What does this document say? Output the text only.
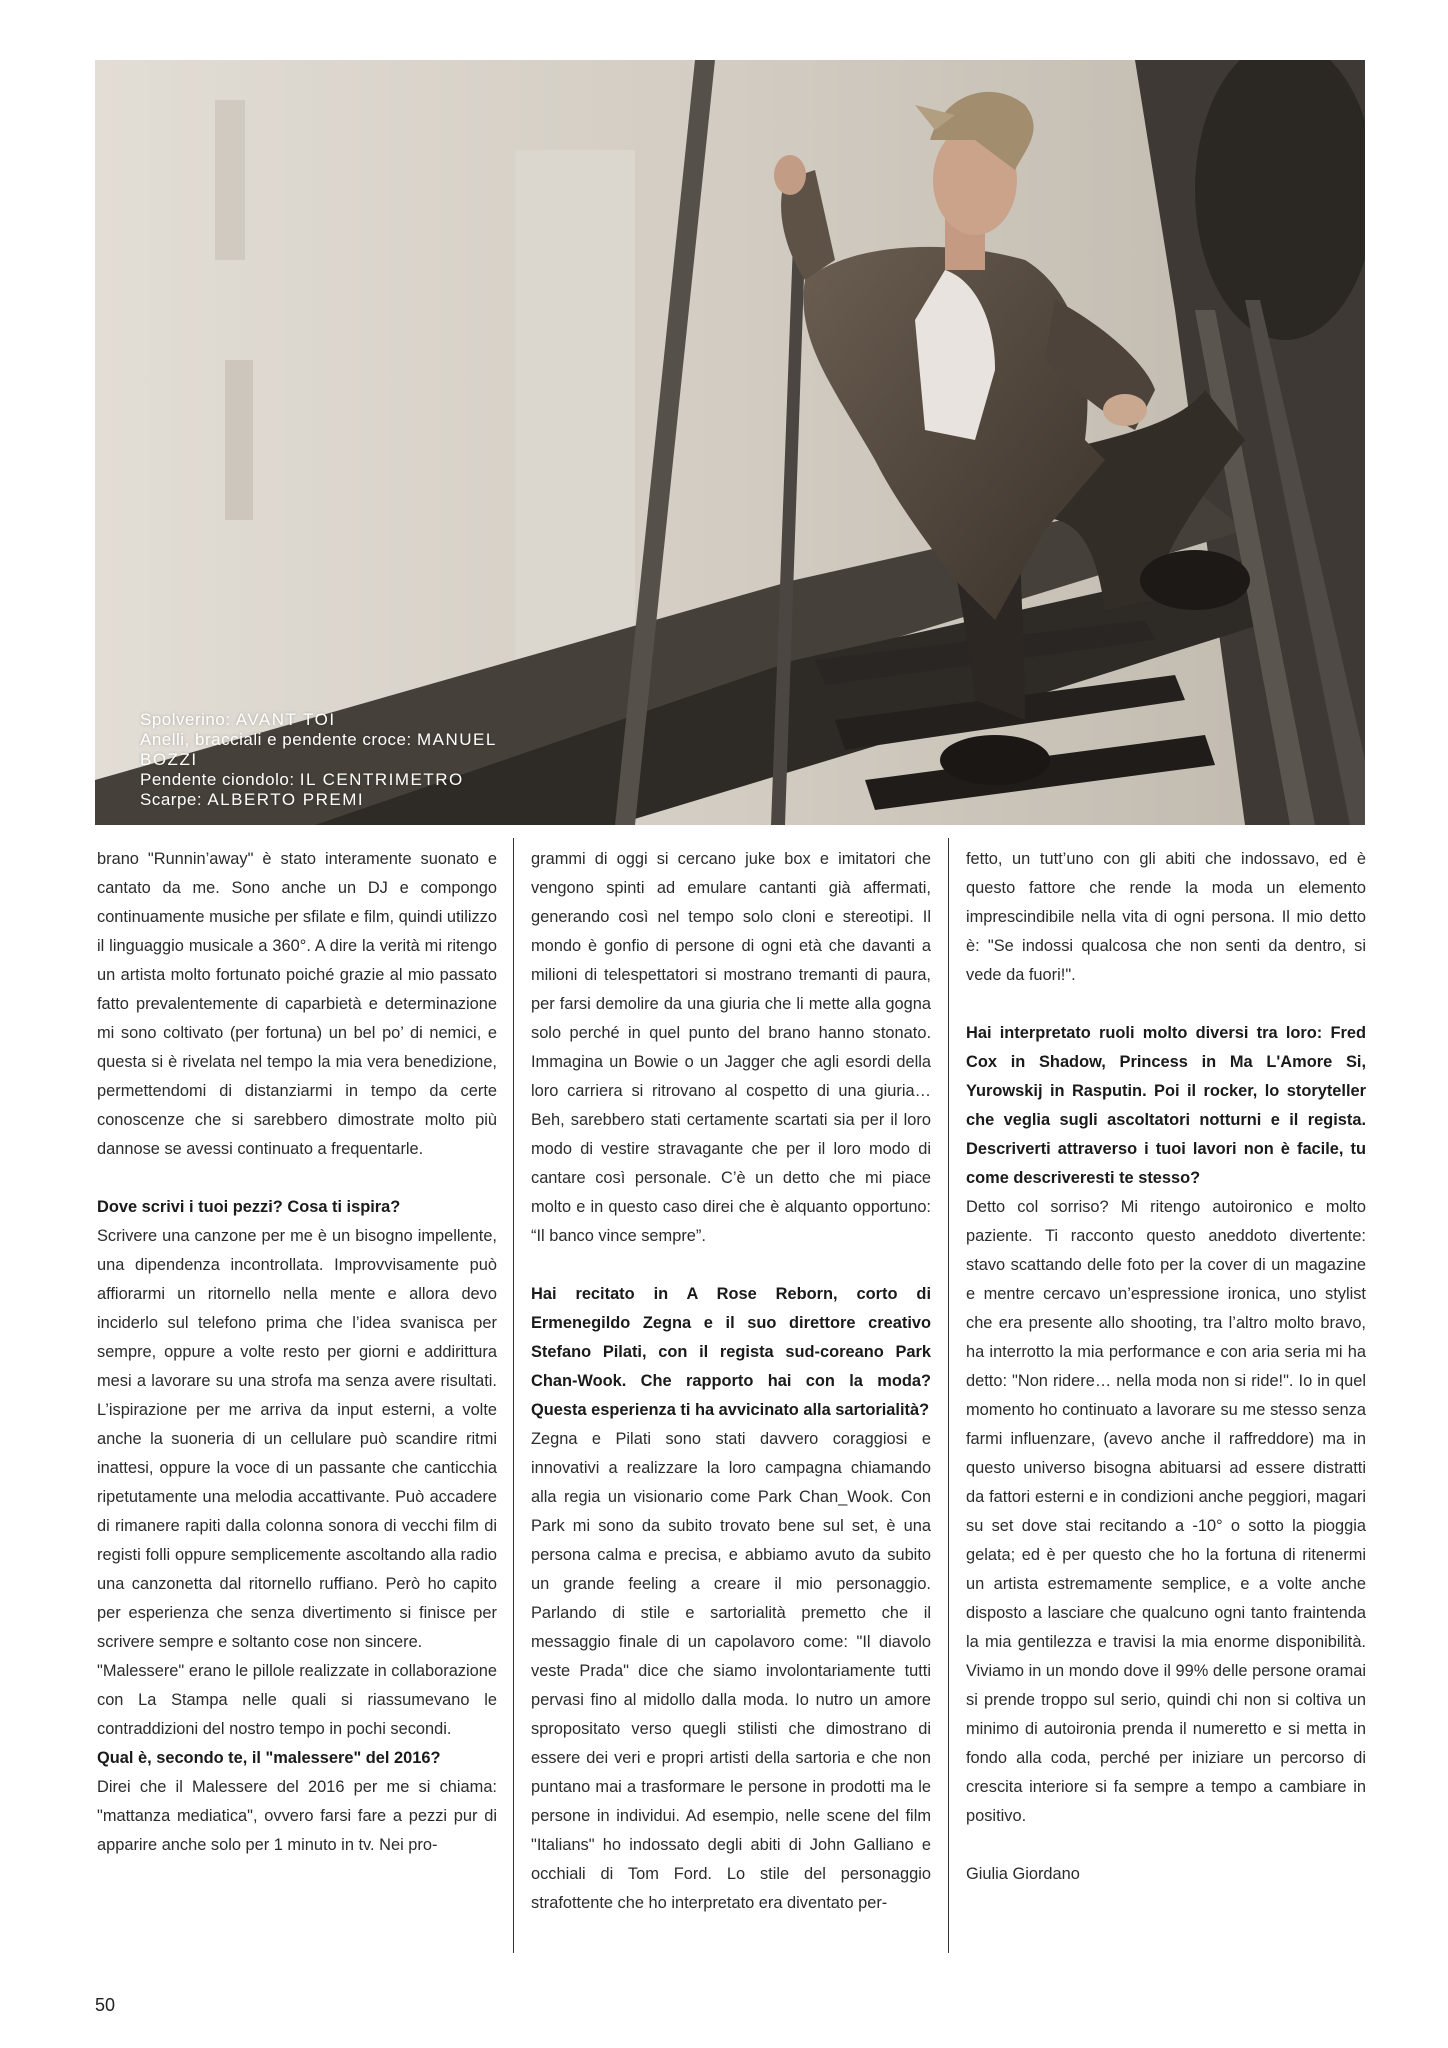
Spolverino: AVANT TOI
Anelli, bracciali e pendente croce: MANUEL BOZZI
Pendente ciondolo: IL CENTRIMETRO
Scarpe: ALBERTO PREMI

brano "Runnin’away" è stato interamente suonato e cantato da me. Sono anche un DJ e compongo continuamente musiche per sfilate e film, quindi utilizzo il linguaggio musicale a 360°. A dire la verità mi ritengo un artista molto fortunato poiché grazie al mio passato fatto prevalentemente di caparbietà e determinazione mi sono coltivato (per fortuna) un bel po’ di nemici, e questa si è rivelata nel tempo la mia vera benedizione, permettendomi di distanziarmi in tempo da certe conoscenze che si sarebbero dimostrate molto più dannose se avessi continuato a frequentarle.

Dove scrivi i tuoi pezzi? Cosa ti ispira?

Scrivere una canzone per me è un bisogno impellente, una dipendenza incontrollata. Improvvisamente può affiorarmi un ritornello nella mente e allora devo inciderlo sul telefono prima che l’idea svanisca per sempre, oppure a volte resto per giorni e addirittura mesi a lavorare su una strofa ma senza avere risultati. L’ispirazione per me arriva da input esterni, a volte anche la suoneria di un cellulare può scandire ritmi inattesi, oppure la voce di un passante che canticchia ripetutamente una melodia accattivante. Può accadere di rimanere rapiti dalla colonna sonora di vecchi film di registi folli oppure semplicemente ascoltando alla radio una canzonetta dal ritornello ruffiano. Però ho capito per esperienza che senza divertimento si finisce per scrivere sempre e soltanto cose non sincere.

"Malessere" erano le pillole realizzate in collaborazione con La Stampa nelle quali si riassumevano le contraddizioni del nostro tempo in pochi secondi.

Qual è, secondo te, il "malessere" del 2016?

Direi che il Malessere del 2016 per me si chiama: "mattanza mediatica", ovvero farsi fare a pezzi pur di apparire anche solo per 1 minuto in tv. Nei pro-

grammi di oggi si cercano juke box e imitatori che vengono spinti ad emulare cantanti già affermati, generando così nel tempo solo cloni e stereotipi. Il mondo è gonfio di persone di ogni età che davanti a milioni di telespettatori si mostrano tremanti di paura, per farsi demolire da una giuria che li mette alla gogna solo perché in quel punto del brano hanno stonato. Immagina un Bowie o un Jagger che agli esordi della loro carriera si ritrovano al cospetto di una giuria… Beh, sarebbero stati certamente scartati sia per il loro modo di vestire stravagante che per il loro modo di cantare così personale. C’è un detto che mi piace molto e in questo caso direi che è alquanto opportuno: “Il banco vince sempre”.

Hai recitato in A Rose Reborn, corto di Ermenegildo Zegna e il suo direttore creativo Stefano Pilati, con il regista sud-coreano Park Chan-Wook. Che rapporto hai con la moda? Questa esperienza ti ha avvicinato alla sartorialità?

Zegna e Pilati sono stati davvero coraggiosi e innovativi a realizzare la loro campagna chiamando alla regia un visionario come Park Chan_Wook. Con Park mi sono da subito trovato bene sul set, è una persona calma e precisa, e abbiamo avuto da subito un grande feeling a creare il mio personaggio. Parlando di stile e sartorialità premetto che il messaggio finale di un capolavoro come: "Il diavolo veste Prada" dice che siamo involontariamente tutti pervasi fino al midollo dalla moda. Io nutro un amore spropositato verso quegli stilisti che dimostrano di essere dei veri e propri artisti della sartoria e che non puntano mai a trasformare le persone in prodotti ma le persone in individui. Ad esempio, nelle scene del film "Italians" ho indossato degli abiti di John Galliano e occhiali di Tom Ford. Lo stile del personaggio strafottente che ho interpretato era diventato per-

fetto, un tutt’uno con gli abiti che indossavo, ed è questo fattore che rende la moda un elemento imprescindibile nella vita di ogni persona. Il mio detto è: "Se indossi qualcosa che non senti da dentro, si vede da fuori!".

Hai interpretato ruoli molto diversi tra loro: Fred Cox in Shadow, Princess in Ma L'Amore Si, Yurowskij in Rasputin. Poi il rocker, lo storyteller che veglia sugli ascoltatori notturni e il regista. Descriverti attraverso i tuoi lavori non è facile, tu come descriveresti te stesso?

Detto col sorriso? Mi ritengo autoironico e molto paziente. Ti racconto questo aneddoto divertente: stavo scattando delle foto per la cover di un magazine e mentre cercavo un’espressione ironica, uno stylist che era presente allo shooting, tra l’altro molto bravo, ha interrotto la mia performance e con aria seria mi ha detto: "Non ridere… nella moda non si ride!". Io in quel momento ho continuato a lavorare su me stesso senza farmi influenzare, (avevo anche il raffreddore) ma in questo universo bisogna abituarsi ad essere distratti da fattori esterni e in condizioni anche peggiori, magari su set dove stai recitando a -10° o sotto la pioggia gelata; ed è per questo che ho la fortuna di ritenermi un artista estremamente semplice, e a volte anche disposto a lasciare che qualcuno ogni tanto fraintenda la mia gentilezza e travisi la mia enorme disponibilità. Viviamo in un mondo dove il 99% delle persone oramai si prende troppo sul serio, quindi chi non si coltiva un minimo di autoironia prenda il numeretto e si metta in fondo alla coda, perché per iniziare un percorso di crescita interiore si fa sempre a tempo a cambiare in positivo.

Giulia Giordano

50
